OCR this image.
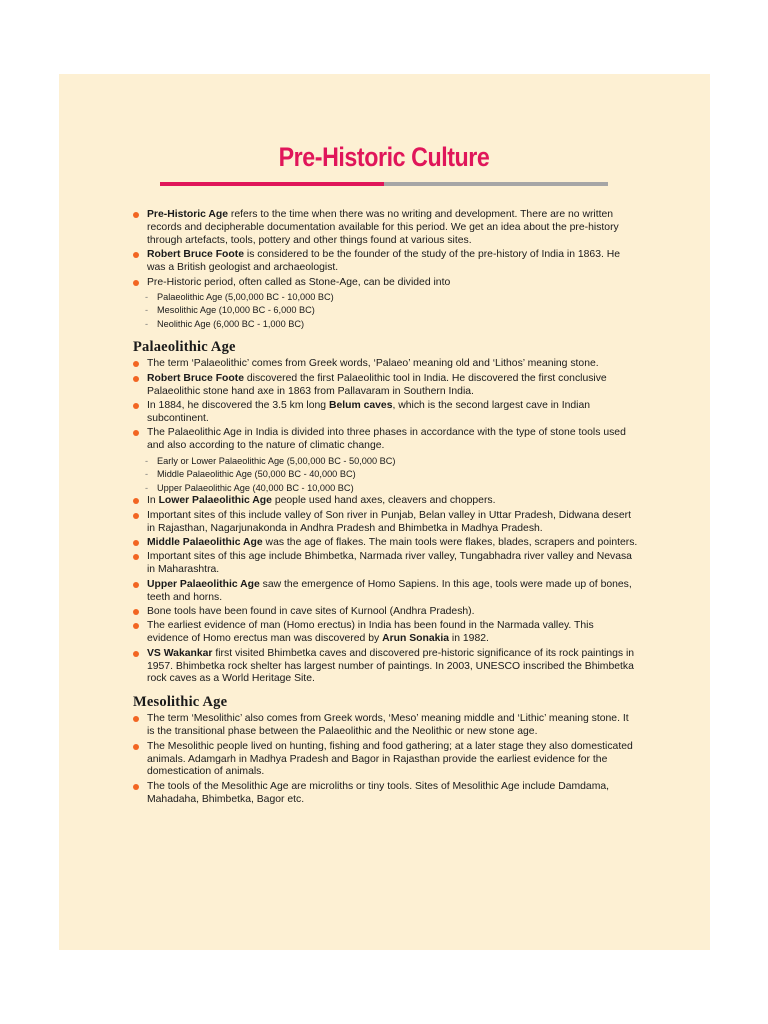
Pre-Historic Culture
Pre-Historic Age refers to the time when there was no writing and development. There are no written records and decipherable documentation available for this period. We get an idea about the pre-history through artefacts, tools, pottery and other things found at various sites.
Robert Bruce Foote is considered to be the founder of the study of the pre-history of India in 1863. He was a British geologist and archaeologist.
Pre-Historic period, often called as Stone-Age, can be divided into
- Palaeolithic Age (5,00,000 BC - 10,000 BC)
- Mesolithic Age (10,000 BC - 6,000 BC)
- Neolithic Age (6,000 BC - 1,000 BC)
Palaeolithic Age
The term ‘Palaeolithic’ comes from Greek words, ‘Palaeo’ meaning old and ‘Lithos’ meaning stone.
Robert Bruce Foote discovered the first Palaeolithic tool in India. He discovered the first conclusive Palaeolithic stone hand axe in 1863 from Pallavaram in Southern India.
In 1884, he discovered the 3.5 km long Belum caves, which is the second largest cave in Indian subcontinent.
The Palaeolithic Age in India is divided into three phases in accordance with the type of stone tools used and also according to the nature of climatic change.
- Early or Lower Palaeolithic Age (5,00,000 BC - 50,000 BC)
- Middle Palaeolithic Age (50,000 BC - 40,000 BC)
- Upper Palaeolithic Age (40,000 BC - 10,000 BC)
In Lower Palaeolithic Age people used hand axes, cleavers and choppers.
Important sites of this include valley of Son river in Punjab, Belan valley in Uttar Pradesh, Didwana desert in Rajasthan, Nagarjunakonda in Andhra Pradesh and Bhimbetka in Madhya Pradesh.
Middle Palaeolithic Age was the age of flakes. The main tools were flakes, blades, scrapers and pointers.
Important sites of this age include Bhimbetka, Narmada river valley, Tungabhadra river valley and Nevasa in Maharashtra.
Upper Palaeolithic Age saw the emergence of Homo Sapiens. In this age, tools were made up of bones, teeth and horns.
Bone tools have been found in cave sites of Kurnool (Andhra Pradesh).
The earliest evidence of man (Homo erectus) in India has been found in the Narmada valley. This evidence of Homo erectus man was discovered by Arun Sonakia in 1982.
VS Wakankar first visited Bhimbetka caves and discovered pre-historic significance of its rock paintings in 1957. Bhimbetka rock shelter has largest number of paintings. In 2003, UNESCO inscribed the Bhimbetka rock caves as a World Heritage Site.
Mesolithic Age
The term ‘Mesolithic’ also comes from Greek words, ‘Meso’ meaning middle and ‘Lithic’ meaning stone. It is the transitional phase between the Palaeolithic and the Neolithic or new stone age.
The Mesolithic people lived on hunting, fishing and food gathering; at a later stage they also domesticated animals. Adamgarh in Madhya Pradesh and Bagor in Rajasthan provide the earliest evidence for the domestication of animals.
The tools of the Mesolithic Age are microliths or tiny tools. Sites of Mesolithic Age include Damdama, Mahadaha, Bhimbetka, Bagor etc.
